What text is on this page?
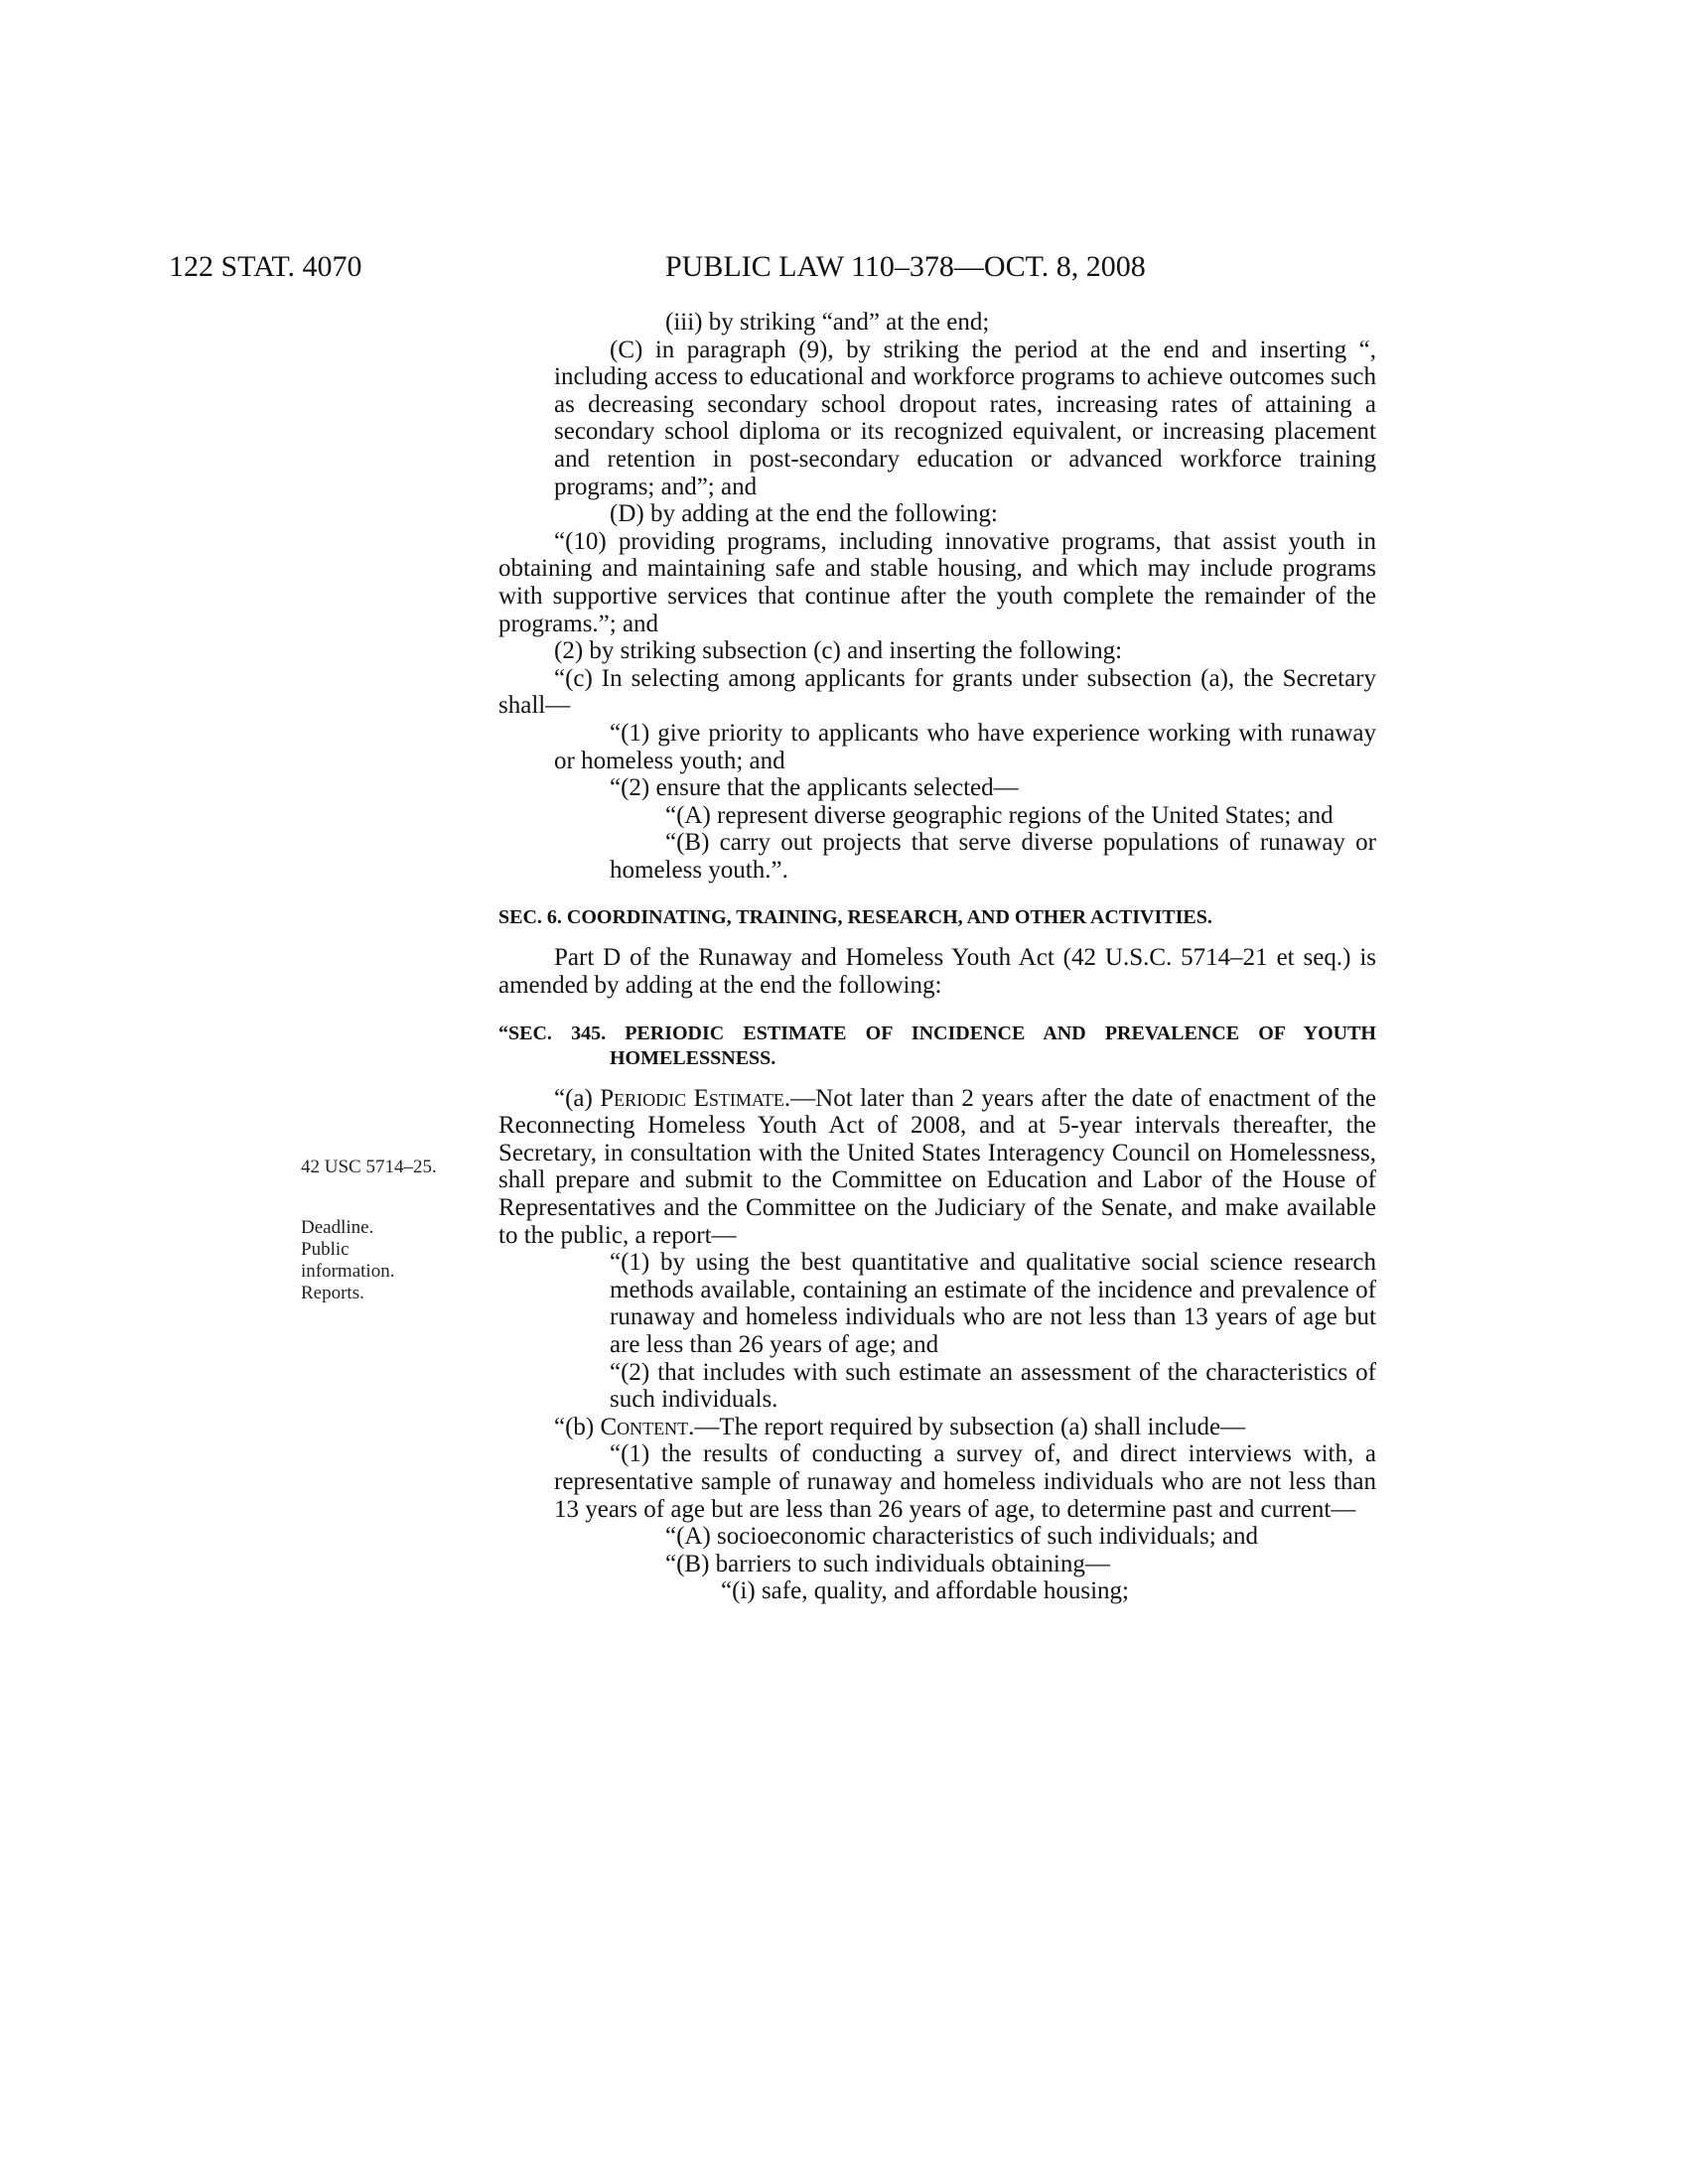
122 STAT. 4070	PUBLIC LAW 110–378—OCT. 8, 2008
42 USC 5714–25.
Deadline.
Public
information.
Reports.

(iii) by striking “and” at the end;

(C) in paragraph (9), by striking the period at the end and inserting “, including access to educational and workforce programs to achieve outcomes such as decreasing secondary school dropout rates, increasing rates of attaining a secondary school diploma or its recognized equivalent, or increasing placement and retention in post-secondary education or advanced workforce training programs; and”; and

(D) by adding at the end the following:

“(10) providing programs, including innovative programs, that assist youth in obtaining and maintaining safe and stable housing, and which may include programs with supportive services that continue after the youth complete the remainder of the programs.”; and

(2) by striking subsection (c) and inserting the following:

“(c) In selecting among applicants for grants under subsection (a), the Secretary shall—

“(1) give priority to applicants who have experience working with runaway or homeless youth; and

“(2) ensure that the applicants selected—

“(A) represent diverse geographic regions of the United States; and

“(B) carry out projects that serve diverse populations of runaway or homeless youth.”.

SEC. 6. COORDINATING, TRAINING, RESEARCH, AND OTHER ACTIVITIES.

Part D of the Runaway and Homeless Youth Act (42 U.S.C. 5714–21 et seq.) is amended by adding at the end the following:

“SEC. 345. PERIODIC ESTIMATE OF INCIDENCE AND PREVALENCE OF YOUTH HOMELESSNESS.

“(a) Periodic Estimate.—Not later than 2 years after the date of enactment of the Reconnecting Homeless Youth Act of 2008, and at 5-year intervals thereafter, the Secretary, in consultation with the United States Interagency Council on Homelessness, shall prepare and submit to the Committee on Education and Labor of the House of Representatives and the Committee on the Judiciary of the Senate, and make available to the public, a report—

“(1) by using the best quantitative and qualitative social science research methods available, containing an estimate of the incidence and prevalence of runaway and homeless individuals who are not less than 13 years of age but are less than 26 years of age; and

“(2) that includes with such estimate an assessment of the characteristics of such individuals.

“(b) Content.—The report required by subsection (a) shall include—

“(1) the results of conducting a survey of, and direct interviews with, a representative sample of runaway and homeless individuals who are not less than 13 years of age but are less than 26 years of age, to determine past and current—

“(A) socioeconomic characteristics of such individuals; and

“(B) barriers to such individuals obtaining—

“(i) safe, quality, and affordable housing;
